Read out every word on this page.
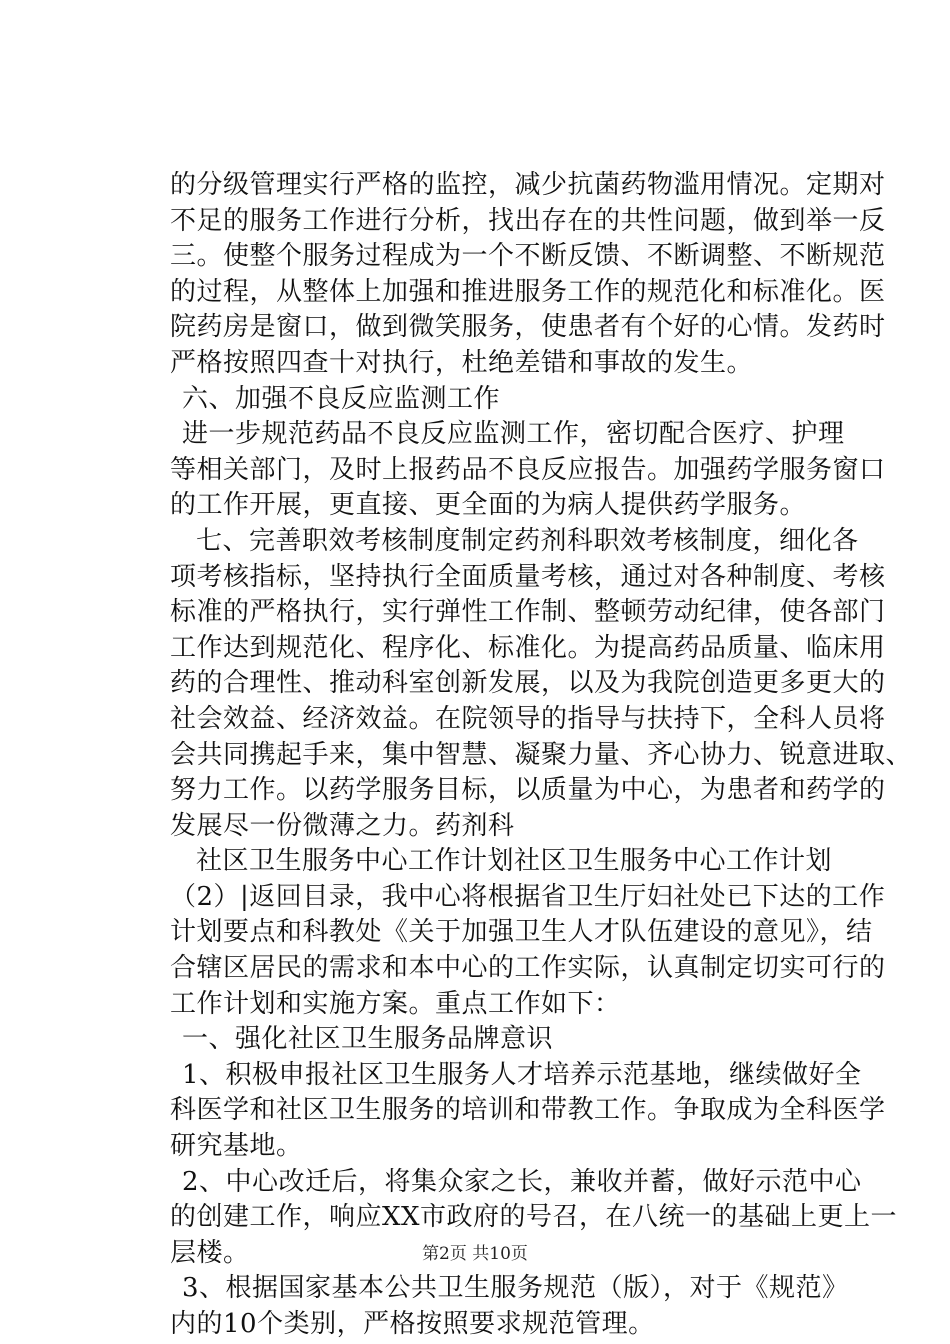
的分级管理实行严格的监控，减少抗菌药物滥用情况。定期对
不足的服务工作进行分析，找出存在的共性问题，做到举一反
三。使整个服务过程成为一个不断反馈、不断调整、不断规范
的过程，从整体上加强和推进服务工作的规范化和标准化。医
院药房是窗口，做到微笑服务，使患者有个好的心情。发药时
严格按照四查十对执行，杜绝差错和事故的发生。
六、加强不良反应监测工作
进一步规范药品不良反应监测工作，密切配合医疗、护理
等相关部门，及时上报药品不良反应报告。加强药学服务窗口
的工作开展，更直接、更全面的为病人提供药学服务。
七、完善职效考核制度制定药剂科职效考核制度，细化各
项考核指标，坚持执行全面质量考核，通过对各种制度、考核
标准的严格执行，实行弹性工作制、整顿劳动纪律，使各部门
工作达到规范化、程序化、标准化。为提高药品质量、临床用
药的合理性、推动科室创新发展，以及为我院创造更多更大的
社会效益、经济效益。在院领导的指导与扶持下，全科人员将
会共同携起手来，集中智慧、凝聚力量、齐心协力、锐意进取、
努力工作。以药学服务目标，以质量为中心，为患者和药学的
发展尽一份微薄之力。药剂科
社区卫生服务中心工作计划社区卫生服务中心工作计划
（2）|返回目录，我中心将根据省卫生厅妇社处已下达的工作
计划要点和科教处《关于加强卫生人才队伍建设的意见》，结
合辖区居民的需求和本中心的工作实际，认真制定切实可行的
工作计划和实施方案。重点工作如下：
一、强化社区卫生服务品牌意识
1、积极申报社区卫生服务人才培养示范基地，继续做好全
科医学和社区卫生服务的培训和带教工作。争取成为全科医学
研究基地。
2、中心改迁后，将集众家之长，兼收并蓄，做好示范中心
的创建工作，响应XX市政府的号召，在八统一的基础上更上一
层楼。
3、根据国家基本公共卫生服务规范（版），对于《规范》
内的10个类别，严格按照要求规范管理。
第2页 共10页
